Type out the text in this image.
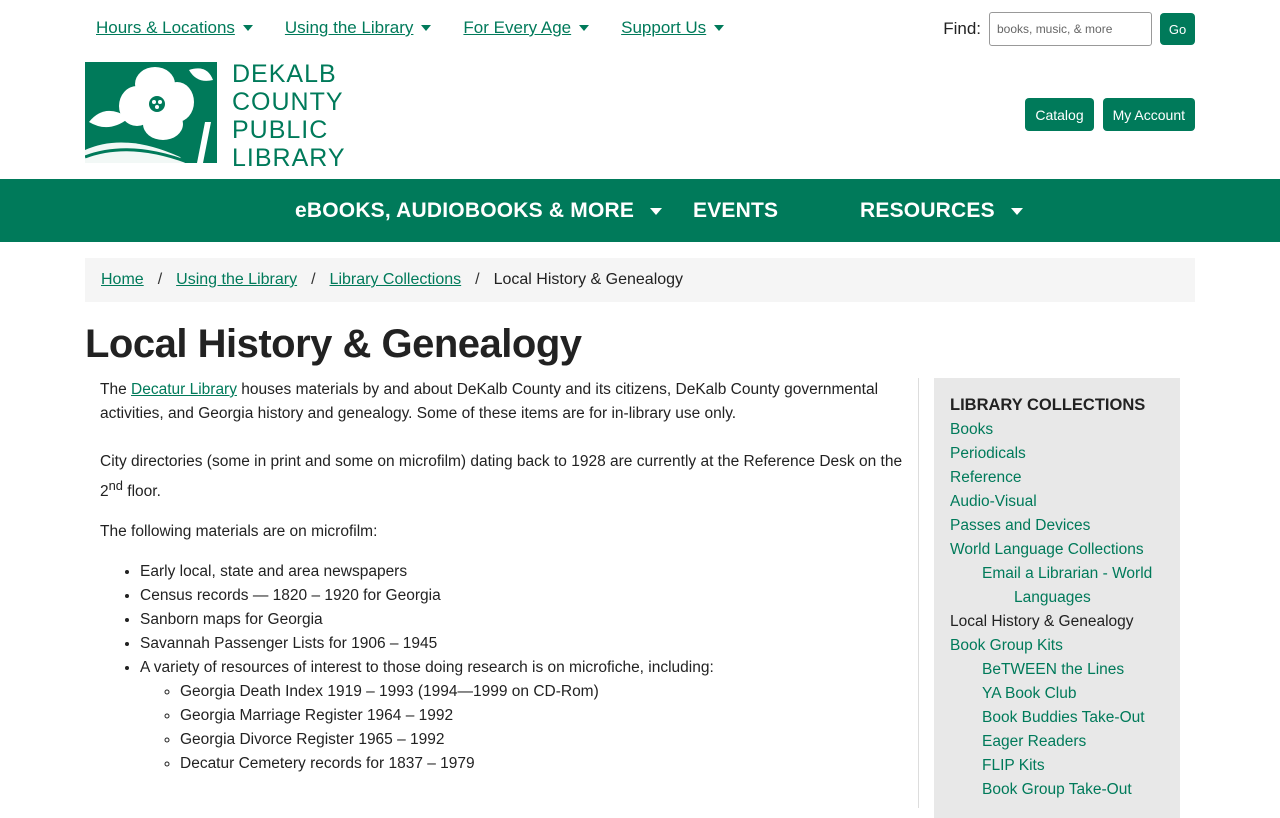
Hours & Locations	Using the Library	For Every Age	Support Us	Find:
books, music, & more	Go
DEKALB
COUNTY
PUBLIC
LIBRARY
Catalog	My Account
eBOOKS, AUDIOBOOKS & MORE	EVENTS	RESOURCES
Home / Using the Library / Library Collections / Local History & Genealogy
Local History & Genealogy

The Decatur Library houses materials by and about DeKalb County and its citizens, DeKalb County governmental activities, and Georgia history and genealogy. Some of these items are for in-library use only.

City directories (some in print and some on microfilm) dating back to 1928 are currently at the Reference Desk on the 2nd floor.

The following materials are on microfilm:

• Early local, state and area newspapers
• Census records — 1820 – 1920 for Georgia
• Sanborn maps for Georgia
• Savannah Passenger Lists for 1906 – 1945
• A variety of resources of interest to those doing research is on microfiche, including:
◦ Georgia Death Index 1919 – 1993 (1994—1999 on CD-Rom)
◦ Georgia Marriage Register 1964 – 1992
◦ Georgia Divorce Register 1965 – 1992
◦ Decatur Cemetery records for 1837 – 1979
LIBRARY COLLECTIONS
Books
Periodicals
Reference
Audio-Visual
Passes and Devices
World Language Collections
Email a Librarian - World
Languages
Local History & Genealogy
Book Group Kits
BeTWEEN the Lines
YA Book Club
Book Buddies Take-Out
Eager Readers
FLIP Kits
Book Group Take-Out
